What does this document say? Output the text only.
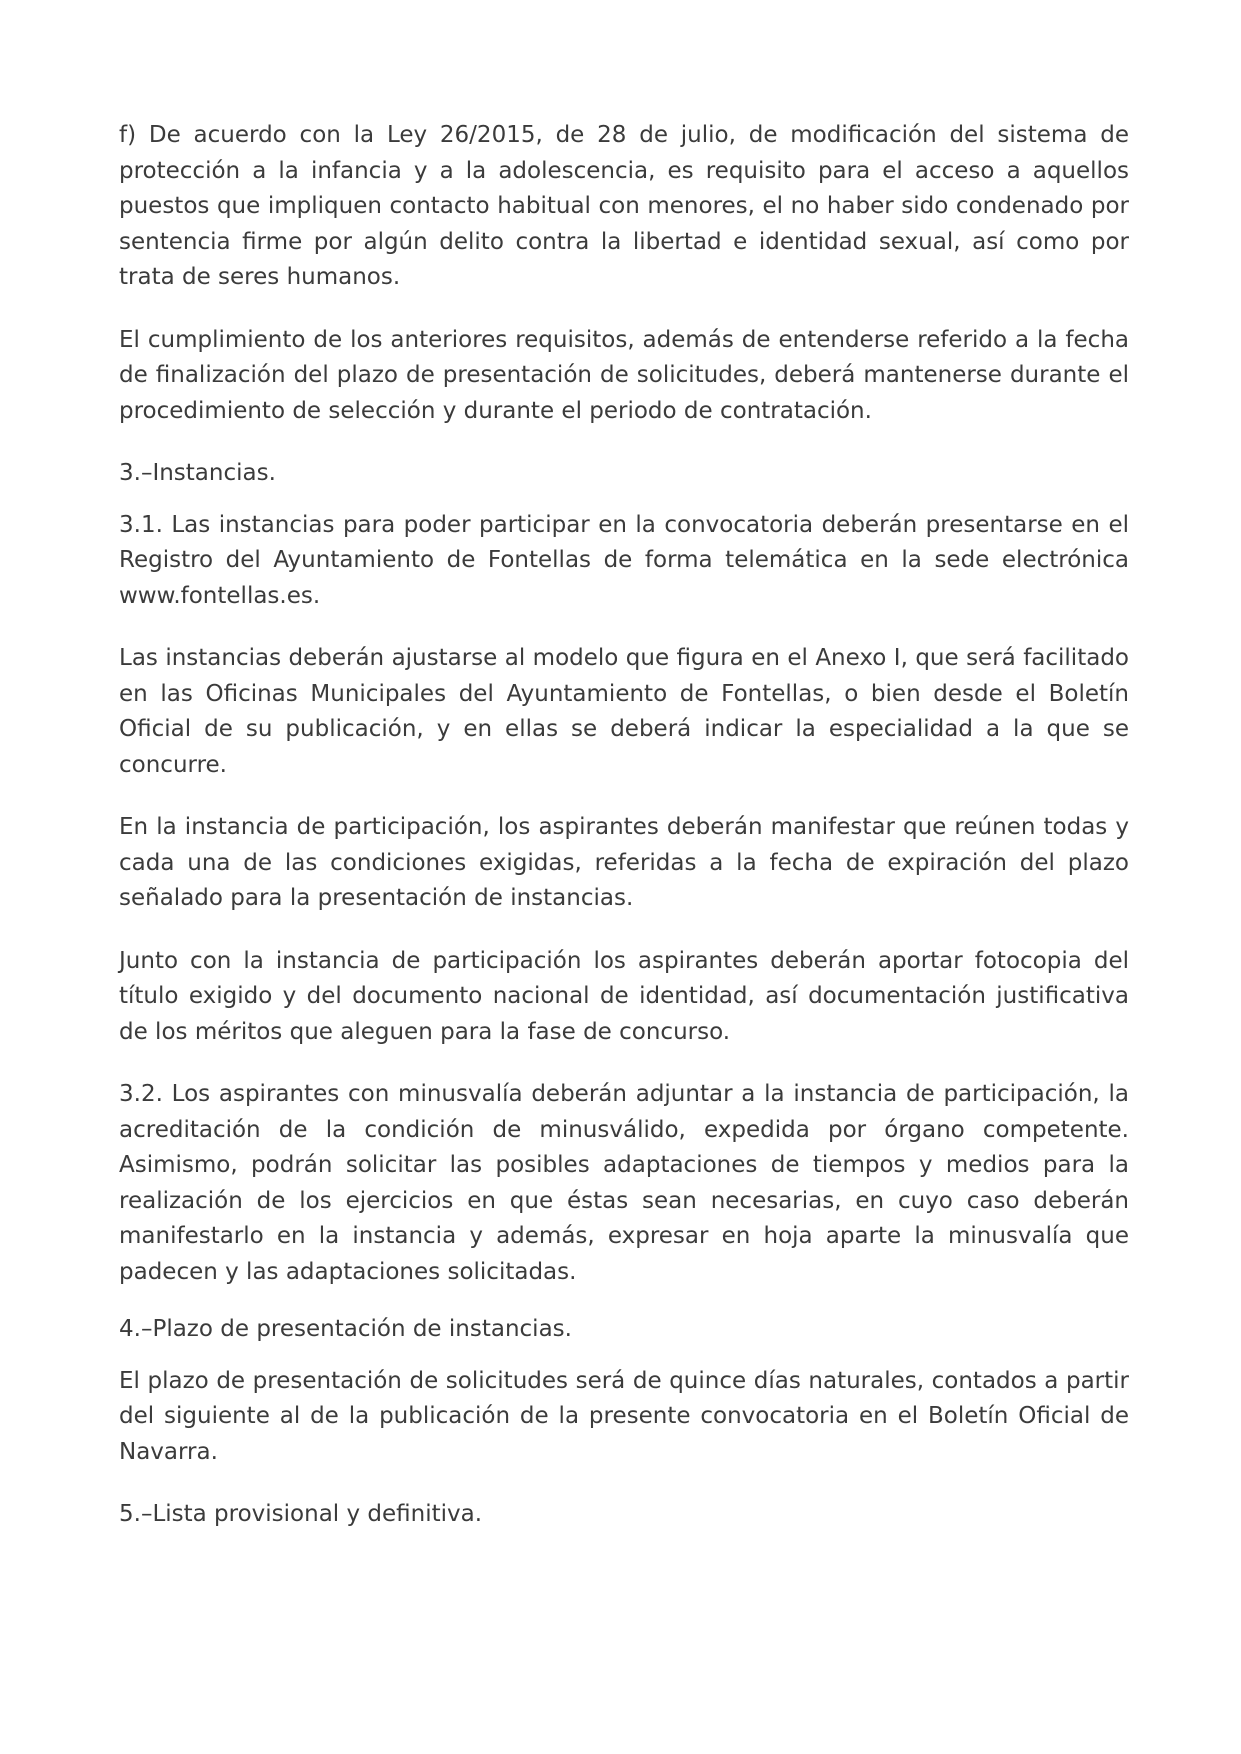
f) De acuerdo con la Ley 26/2015, de 28 de julio, de modificación del sistema de protección a la infancia y a la adolescencia, es requisito para el acceso a aquellos puestos que impliquen contacto habitual con menores, el no haber sido condenado por sentencia firme por algún delito contra la libertad e identidad sexual, así como por trata de seres humanos.

El cumplimiento de los anteriores requisitos, además de entenderse referido a la fecha de finalización del plazo de presentación de solicitudes, deberá mantenerse durante el procedimiento de selección y durante el periodo de contratación.

3.–Instancias.

3.1. Las instancias para poder participar en la convocatoria deberán presentarse en el Registro del Ayuntamiento de Fontellas de forma telemática en la sede electrónica www.fontellas.es.

Las instancias deberán ajustarse al modelo que figura en el Anexo I, que será facilitado en las Oficinas Municipales del Ayuntamiento de Fontellas, o bien desde el Boletín Oficial de su publicación, y en ellas se deberá indicar la especialidad a la que se concurre.

En la instancia de participación, los aspirantes deberán manifestar que reúnen todas y cada una de las condiciones exigidas, referidas a la fecha de expiración del plazo señalado para la presentación de instancias.

Junto con la instancia de participación los aspirantes deberán aportar fotocopia del título exigido y del documento nacional de identidad, así documentación justificativa de los méritos que aleguen para la fase de concurso.

3.2. Los aspirantes con minusvalía deberán adjuntar a la instancia de participación, la acreditación de la condición de minusválido, expedida por órgano competente. Asimismo, podrán solicitar las posibles adaptaciones de tiempos y medios para la realización de los ejercicios en que éstas sean necesarias, en cuyo caso deberán manifestarlo en la instancia y además, expresar en hoja aparte la minusvalía que padecen y las adaptaciones solicitadas.

4.–Plazo de presentación de instancias.

El plazo de presentación de solicitudes será de quince días naturales, contados a partir del siguiente al de la publicación de la presente convocatoria en el Boletín Oficial de Navarra.

5.–Lista provisional y definitiva.
